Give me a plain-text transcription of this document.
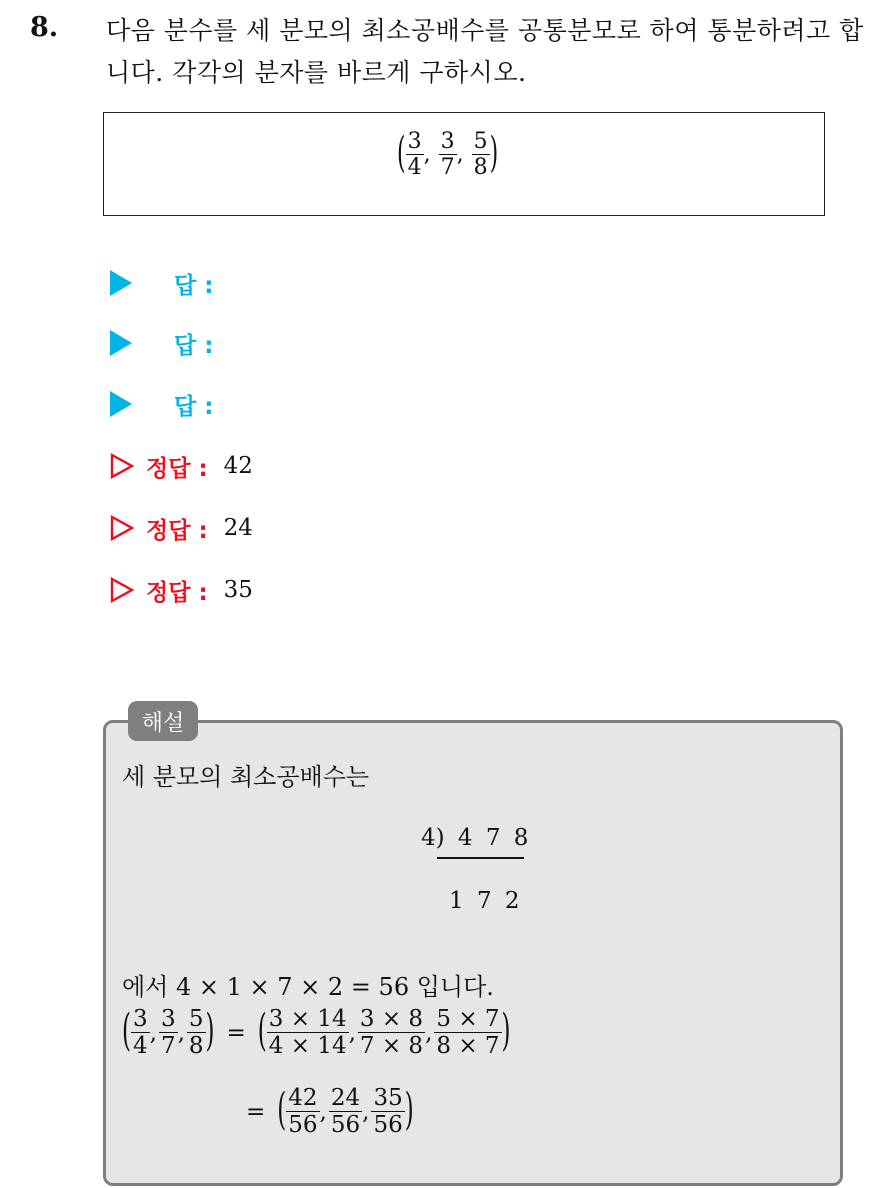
8. 다음 분수를 세 분모의 최소공배수를 공통분모로 하여 통분하려고 합니다. 각각의 분자를 바르게 구하시오.
( $\frac{3}{4}$ , $\frac{3}{7}$ , $\frac{5}{8}$ )
답 :
답 :
답 :
정답 : 42
정답 : 24
정답 : 35
해설
세 분모의 최소공배수는
4) 4 7 8
1 7 2
에서 4 × 1 × 7 × 2 = 56 입니다.
( $\frac{3}{4}$ , $\frac{3}{7}$ , $\frac{5}{8}$ ) = ( $\frac{3 \times 14}{4 \times 14}$ , $\frac{3 \times 8}{7 \times 8}$ , $\frac{5 \times 7}{8 \times 7}$ )
= ( $\frac{42}{56}$ , $\frac{24}{56}$ , $\frac{35}{56}$ )
